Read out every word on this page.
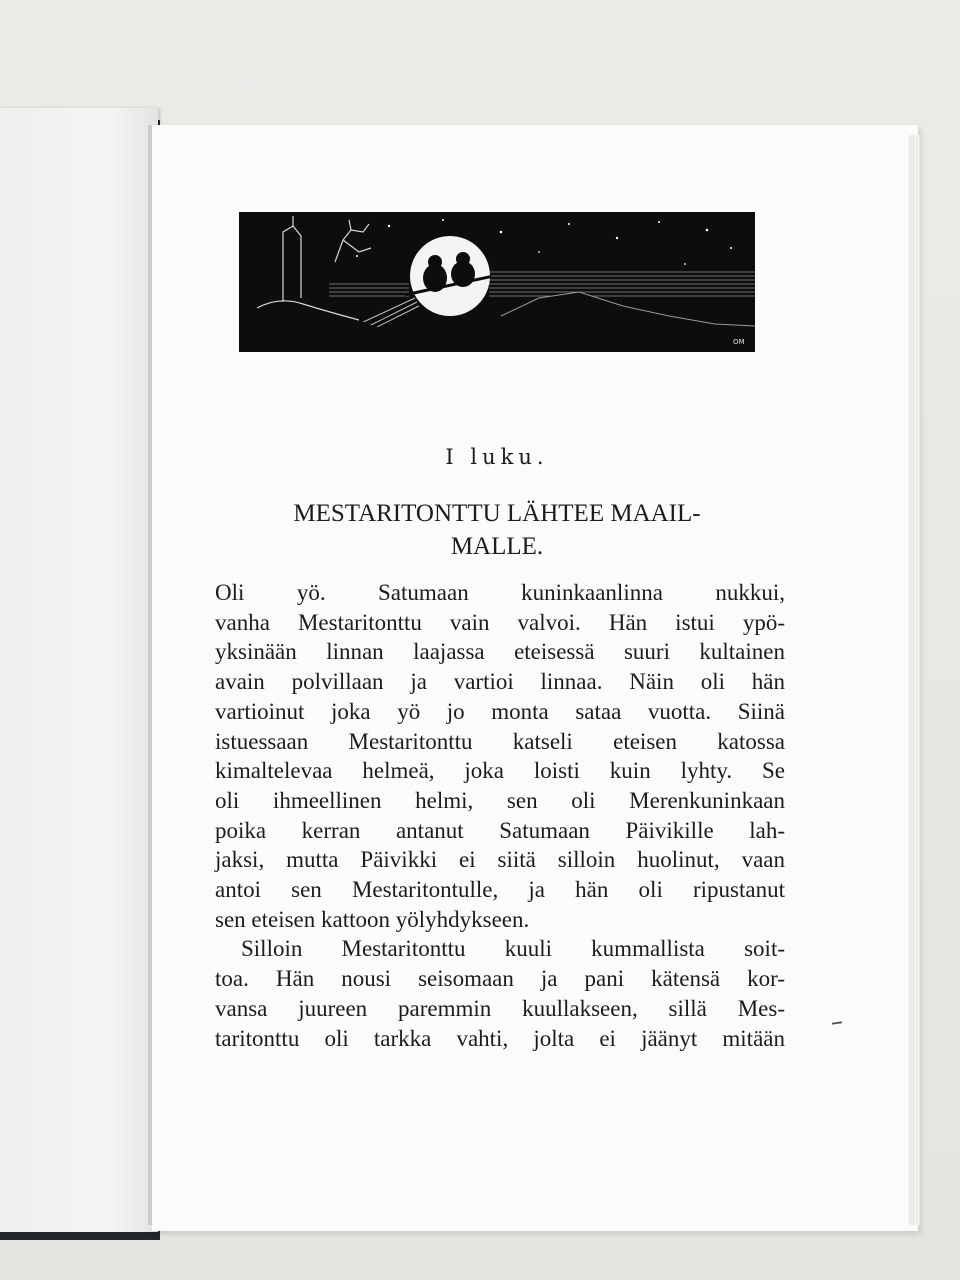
OM
I luku.
MESTARITONTTU LÄHTEE MAAIL-
MALLE.

Oli yö. Satumaan kuninkaanlinna nukkui,
vanha Mestaritonttu vain valvoi. Hän istui ypö-
yksinään linnan laajassa eteisessä suuri kultainen
avain polvillaan ja vartioi linnaa. Näin oli hän
vartioinut joka yö jo monta sataa vuotta. Siinä
istuessaan Mestaritonttu katseli eteisen katossa
kimaltelevaa helmeä, joka loisti kuin lyhty. Se
oli ihmeellinen helmi, sen oli Merenkuninkaan
poika kerran antanut Satumaan Päivikille lah-
jaksi, mutta Päivikki ei siitä silloin huolinut, vaan
antoi sen Mestaritontulle, ja hän oli ripustanut
sen eteisen kattoon yölyhdykseen.

Silloin Mestaritonttu kuuli kummallista soit-
toa. Hän nousi seisomaan ja pani kätensä kor-
vansa juureen paremmin kuullakseen, sillä Mes-
taritonttu oli tarkka vahti, jolta ei jäänyt mitään
